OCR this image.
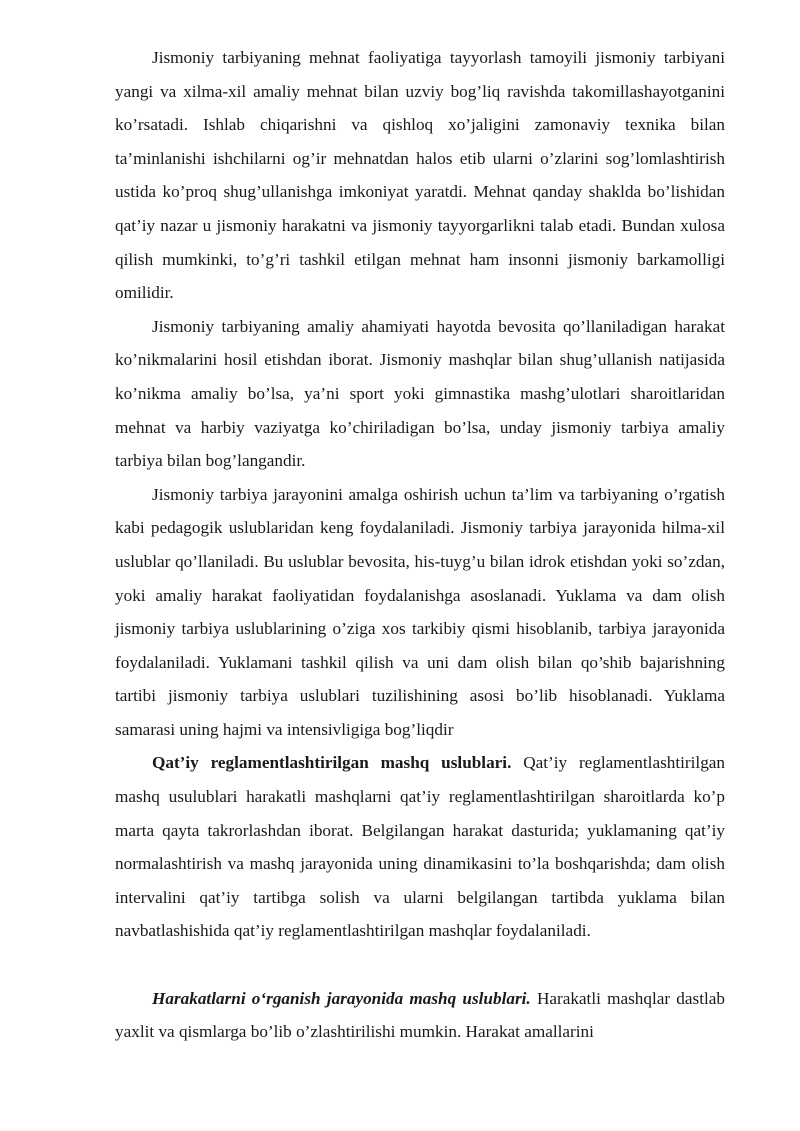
Jismoniy tarbiyaning mehnat faoliyatiga tayyorlash tamoyili jismoniy tarbiyani yangi va xilma-xil amaliy mehnat bilan uzviy bog’liq ravishda takomillashayotganini ko’rsatadi. Ishlab chiqarishni va qishloq xo’jaligini zamonaviy texnika bilan ta’minlanishi ishchilarni og’ir mehnatdan halos etib ularni o’zlarini sog’lomlashtirish ustida ko’proq shug’ullanishga imkoniyat yaratdi. Mehnat qanday shaklda bo’lishidan qat’iy nazar u jismoniy harakatni va jismoniy tayyorgarlikni talab etadi. Bundan xulosa qilish mumkinki, to’g’ri tashkil etilgan mehnat ham insonni jismoniy barkamolligi omilidir.

Jismoniy tarbiyaning amaliy ahamiyati hayotda bevosita qo’llaniladigan harakat ko’nikmalarini hosil etishdan iborat. Jismoniy mashqlar bilan shug’ullanish natijasida ko’nikma amaliy bo’lsa, ya’ni sport yoki gimnastika mashg’ulotlari sharoitlaridan mehnat va harbiy vaziyatga ko’chiriladigan bo’lsa, unday jismoniy tarbiya amaliy tarbiya bilan bog’langandir.

Jismoniy tarbiya jarayonini amalga oshirish uchun ta’lim va tarbiyaning o’rgatish kabi pedagogik uslublaridan keng foydalaniladi. Jismoniy tarbiya jarayonida hilma-xil uslublar qo’llaniladi. Bu uslublar bevosita, his-tuyg’u bilan idrok etishdan yoki so’zdan, yoki amaliy harakat faoliyatidan foydalanishga asoslanadi. Yuklama va dam olish jismoniy tarbiya uslublarining o’ziga xos tarkibiy qismi hisoblanib, tarbiya jarayonida foydalaniladi. Yuklamani tashkil qilish va uni dam olish bilan qo’shib bajarishning tartibi jismoniy tarbiya uslublari tuzilishining asosi bo’lib hisoblanadi. Yuklama samarasi uning hajmi va intensivligiga bog’liqdir

Qat’iy reglamentlashtirilgan mashq uslublari. Qat’iy reglamentlashtirilgan mashq usulublari harakatli mashqlarni qat’iy reglamentlashtirilgan sharoitlarda ko’p marta qayta takrorlashdan iborat. Belgilangan harakat dasturida; yuklamaning qat’iy normalashtirish va mashq jarayonida uning dinamikasini to’la boshqarishda; dam olish intervalini qat’iy tartibga solish va ularni belgilangan tartibda yuklama bilan navbatlashishida qat’iy reglamentlashtirilgan mashqlar foydalaniladi.

Harakatlarni o‘rganish jarayonida mashq uslublari. Harakatli mashqlar dastlab yaxlit va qismlarga bo’lib o’zlashtirilishi mumkin. Harakat amallarini
